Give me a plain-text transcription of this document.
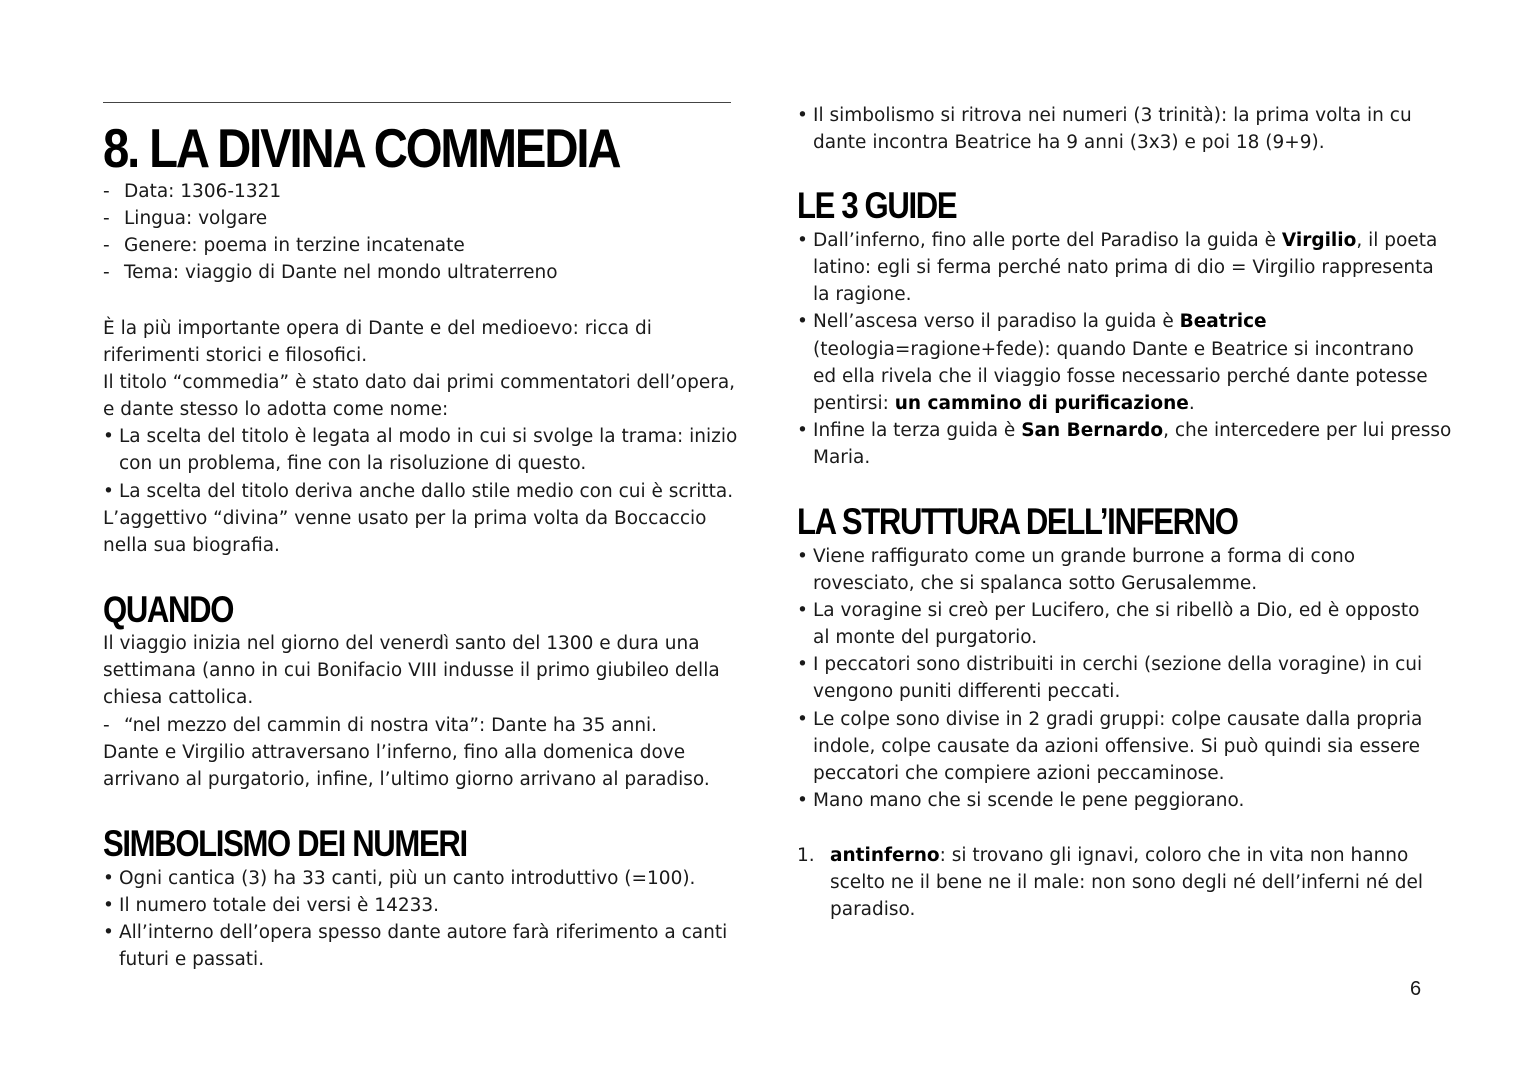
8. LA DIVINA COMMEDIA
- Data: 1306-1321
- Lingua: volgare
- Genere: poema in terzine incatenate
- Tema: viaggio di Dante nel mondo ultraterreno
È la più importante opera di Dante e del medioevo: ricca di
riferimenti storici e filosofici.
Il titolo “commedia” è stato dato dai primi commentatori dell’opera,
e dante stesso lo adotta come nome:
• La scelta del titolo è legata al modo in cui si svolge la trama: inizio
con un problema, fine con la risoluzione di questo.
• La scelta del titolo deriva anche dallo stile medio con cui è scritta.
L’aggettivo “divina” venne usato per la prima volta da Boccaccio
nella sua biografia.
QUANDO
Il viaggio inizia nel giorno del venerdì santo del 1300 e dura una
settimana (anno in cui Bonifacio VIII indusse il primo giubileo della
chiesa cattolica.
- “nel mezzo del cammin di nostra vita”: Dante ha 35 anni.
Dante e Virgilio attraversano l’inferno, fino alla domenica dove
arrivano al purgatorio, infine, l’ultimo giorno arrivano al paradiso.
SIMBOLISMO DEI NUMERI
• Ogni cantica (3) ha 33 canti, più un canto introduttivo (=100).
• Il numero totale dei versi è 14233.
• All’interno dell’opera spesso dante autore farà riferimento a canti
futuri e passati.
• Il simbolismo si ritrova nei numeri (3 trinità): la prima volta in cu
dante incontra Beatrice ha 9 anni (3x3) e poi 18 (9+9).
LE 3 GUIDE
• Dall’inferno, fino alle porte del Paradiso la guida è Virgilio, il poeta
latino: egli si ferma perché nato prima di dio = Virgilio rappresenta
la ragione.
• Nell’ascesa verso il paradiso la guida è Beatrice
(teologia=ragione+fede): quando Dante e Beatrice si incontrano
ed ella rivela che il viaggio fosse necessario perché dante potesse
pentirsi: un cammino di purificazione.
• Infine la terza guida è San Bernardo, che intercedere per lui presso
Maria.
LA STRUTTURA DELL’INFERNO
• Viene raffigurato come un grande burrone a forma di cono
rovesciato, che si spalanca sotto Gerusalemme.
• La voragine si creò per Lucifero, che si ribellò a Dio, ed è opposto
al monte del purgatorio.
• I peccatori sono distribuiti in cerchi (sezione della voragine) in cui
vengono puniti differenti peccati.
• Le colpe sono divise in 2 gradi gruppi: colpe causate dalla propria
indole, colpe causate da azioni offensive. Si può quindi sia essere
peccatori che compiere azioni peccaminose.
• Mano mano che si scende le pene peggiorano.
1. antinferno: si trovano gli ignavi, coloro che in vita non hanno
scelto ne il bene ne il male: non sono degli né dell’inferni né del
paradiso.
6
